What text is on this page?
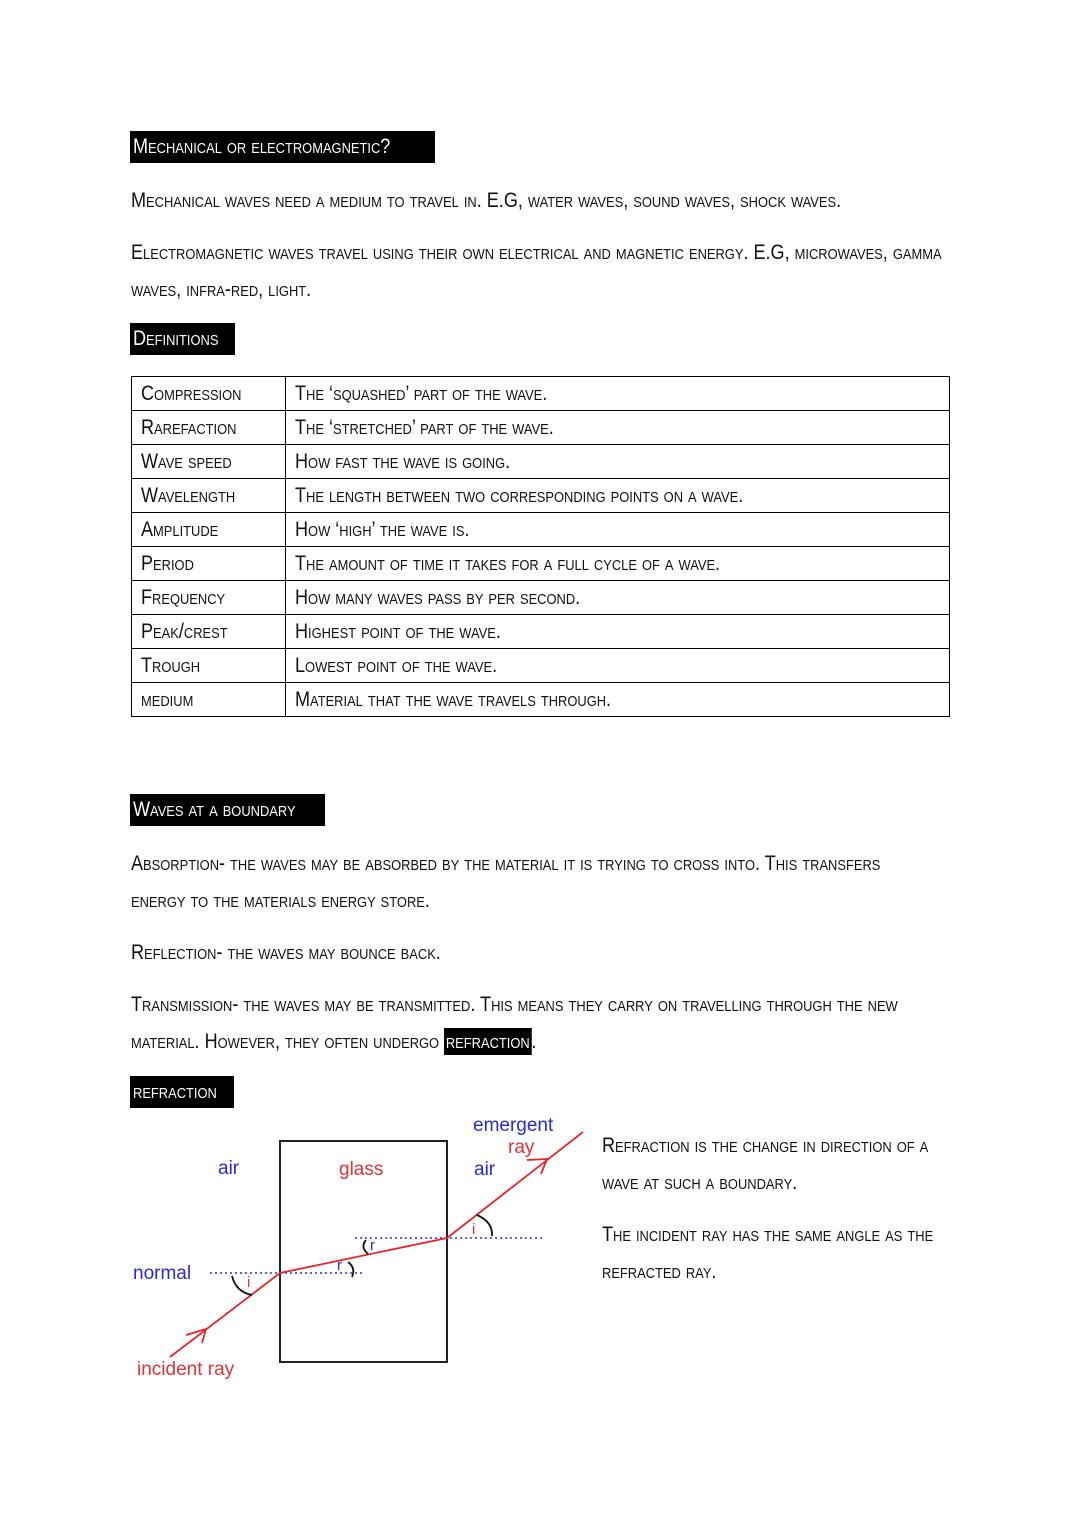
Mechanical or electromagnetic?
Mechanical waves need a medium to travel in. E.G, water waves, sound waves, shock waves.
Electromagnetic waves travel using their own electrical and magnetic energy. E.G, microwaves, gamma waves, infra-red, light.
Definitions
Compression	The ‘squashed’ part of the wave.
Rarefaction	The ‘stretched’ part of the wave.
Wave speed	How fast the wave is going.
Wavelength	The length between two corresponding points on a wave.
Amplitude	How ‘high’ the wave is.
Period	The amount of time it takes for a full cycle of a wave.
Frequency	How many waves pass by per second.
Peak/crest	Highest point of the wave.
Trough	Lowest point of the wave.
medium	Material that the wave travels through.
Waves at a boundary
Absorption- the waves may be absorbed by the material it is trying to cross into. This transfers energy to the materials energy store.
Reflection- the waves may bounce back.
Transmission- the waves may be transmitted. This means they carry on travelling through the new material. However, they often undergo refraction.
refraction
Refraction is the change in direction of a wave at such a boundary.
The incident ray has the same angle as the refracted ray.
air	glass	air
emergent
ray
normal
incident ray
i
r
r
i
